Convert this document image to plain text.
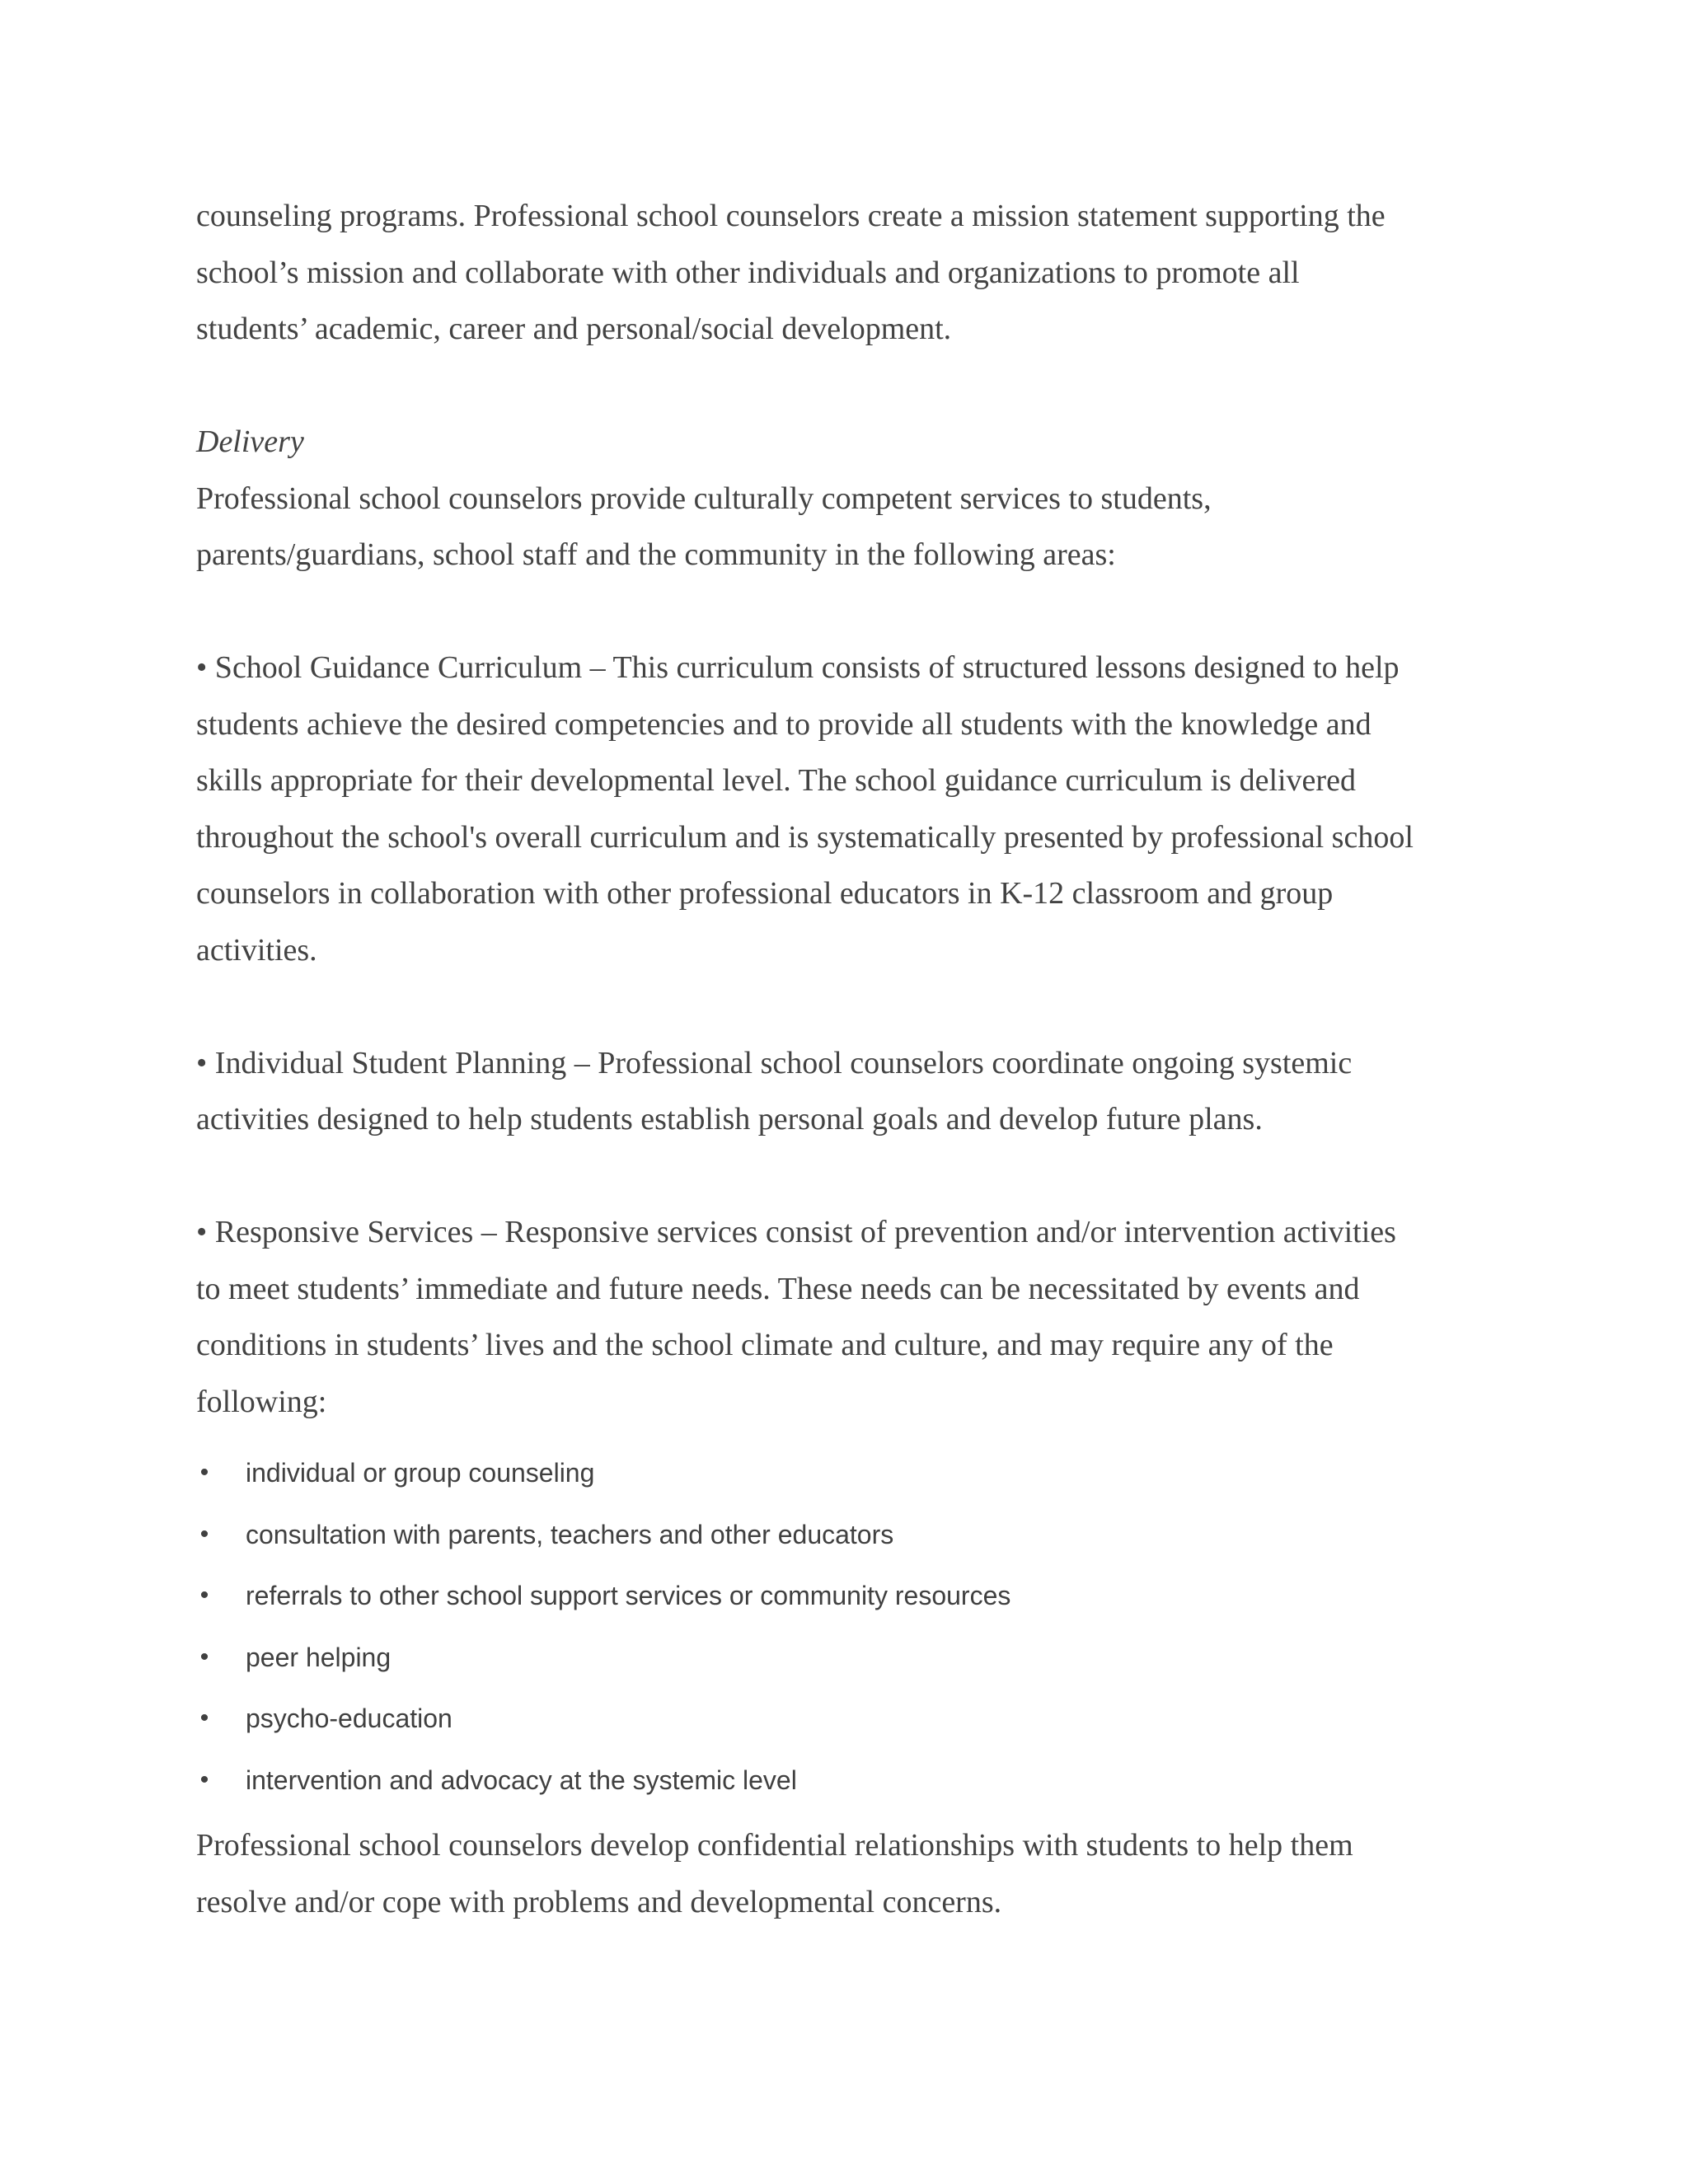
counseling programs. Professional school counselors create a mission statement supporting the
school’s mission and collaborate with other individuals and organizations to promote all
students’ academic, career and personal/social development.

Delivery
Professional school counselors provide culturally competent services to students,
parents/guardians, school staff and the community in the following areas:

• School Guidance Curriculum – This curriculum consists of structured lessons designed to help
students achieve the desired competencies and to provide all students with the knowledge and
skills appropriate for their developmental level. The school guidance curriculum is delivered
throughout the school's overall curriculum and is systematically presented by professional school
counselors in collaboration with other professional educators in K-12 classroom and group
activities.

• Individual Student Planning – Professional school counselors coordinate ongoing systemic
activities designed to help students establish personal goals and develop future plans.

• Responsive Services – Responsive services consist of prevention and/or intervention activities
to meet students’ immediate and future needs. These needs can be necessitated by events and
conditions in students’ lives and the school climate and culture, and may require any of the
following:

• individual or group counseling
• consultation with parents, teachers and other educators
• referrals to other school support services or community resources
• peer helping
• psycho-education
• intervention and advocacy at the systemic level

Professional school counselors develop confidential relationships with students to help them
resolve and/or cope with problems and developmental concerns.
